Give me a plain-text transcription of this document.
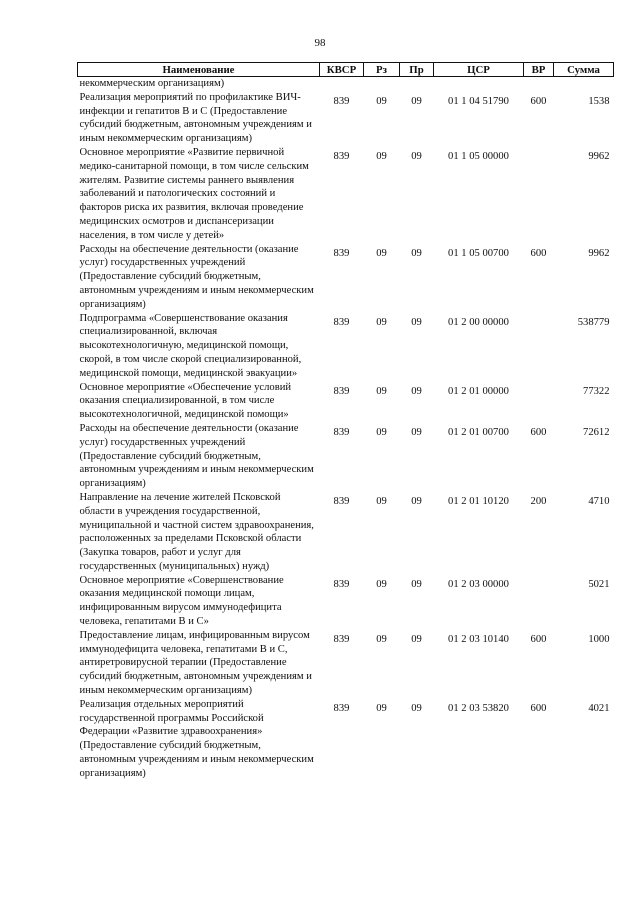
98
Наименование	КВСР	Рз	Пр	ЦСР	ВР	Сумма
некоммерческим организациям)						
Реализация мероприятий по профилактике ВИЧ-инфекции и гепатитов В и С (Предоставление субсидий бюджетным, автономным учреждениям и иным некоммерческим организациям)	839	09	09	01 1 04 51790	600	1538
Основное мероприятие «Развитие первичной медико-санитарной помощи, в том числе сельским жителям. Развитие системы раннего выявления заболеваний и патологических состояний и факторов риска их развития, включая проведение медицинских осмотров и диспансеризации населения, в том числе у детей»	839	09	09	01 1 05 00000		9962
Расходы на обеспечение деятельности (оказание услуг) государственных учреждений (Предоставление субсидий бюджетным, автономным учреждениям и иным некоммерческим организациям)	839	09	09	01 1 05 00700	600	9962
Подпрограмма «Совершенствование оказания специализированной, включая высокотехнологичную, медицинской помощи, скорой, в том числе скорой специализированной, медицинской помощи, медицинской эвакуации»	839	09	09	01 2 00 00000		538779
Основное мероприятие «Обеспечение условий оказания специализированной, в том числе высокотехнологичной, медицинской помощи»	839	09	09	01 2 01 00000		77322
Расходы на обеспечение деятельности (оказание услуг) государственных учреждений (Предоставление субсидий бюджетным, автономным учреждениям и иным некоммерческим организациям)	839	09	09	01 2 01 00700	600	72612
Направление на лечение жителей Псковской области в учреждения государственной, муниципальной и частной систем здравоохранения, расположенных за пределами Псковской области (Закупка товаров, работ и услуг для государственных (муниципальных) нужд)	839	09	09	01 2 01 10120	200	4710
Основное мероприятие «Совершенствование оказания медицинской помощи лицам, инфицированным вирусом иммунодефицита человека, гепатитами В и С»	839	09	09	01 2 03 00000		5021
Предоставление лицам, инфицированным вирусом иммунодефицита человека, гепатитами В и С, антиретровирусной терапии (Предоставление субсидий бюджетным, автономным учреждениям и иным некоммерческим организациям)	839	09	09	01 2 03 10140	600	1000
Реализация отдельных мероприятий государственной программы Российской Федерации «Развитие здравоохранения» (Предоставление субсидий бюджетным, автономным учреждениям и иным некоммерческим организациям)	839	09	09	01 2 03 53820	600	4021
